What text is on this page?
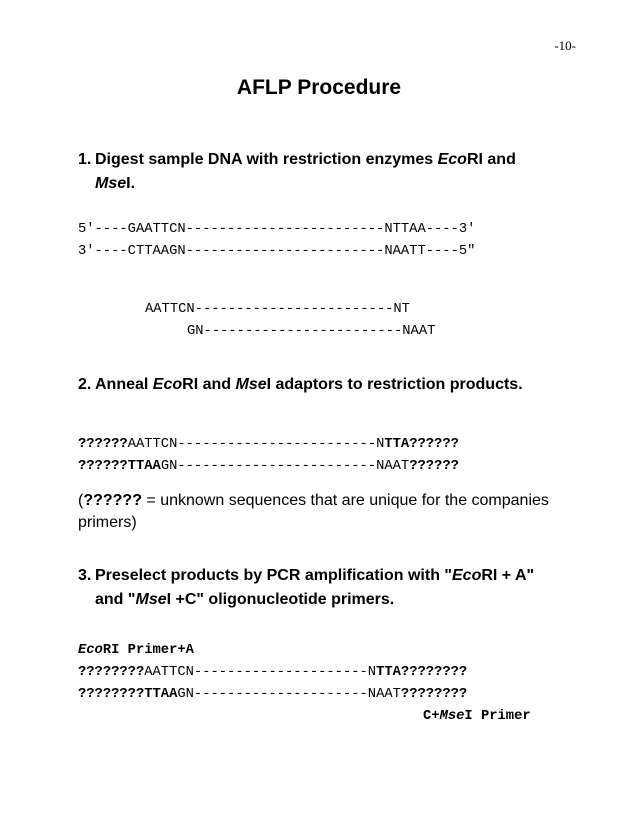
-10-
AFLP Procedure
1. Digest sample DNA with restriction enzymes EcoRI and
MseI.
5'----GAATTCN------------------------NTTAA----3'
3'----CTTAAGN------------------------NAATT----5"
AATTCN------------------------NT
GN------------------------NAAT
2. Anneal EcoRI and MseI adaptors to restriction products.
??????AATTCN------------------------NTTA??????
??????TTAAGN------------------------NAAT??????
(?????? = unknown sequences that are unique for the companies primers)
3. Preselect products by PCR amplification with "EcoRI + A"
and "MseI +C" oligonucleotide primers.
EcoRI Primer+A
????????AATTCN---------------------NTTA????????
????????TTAAGN---------------------NAAT????????
C+MseI Primer
